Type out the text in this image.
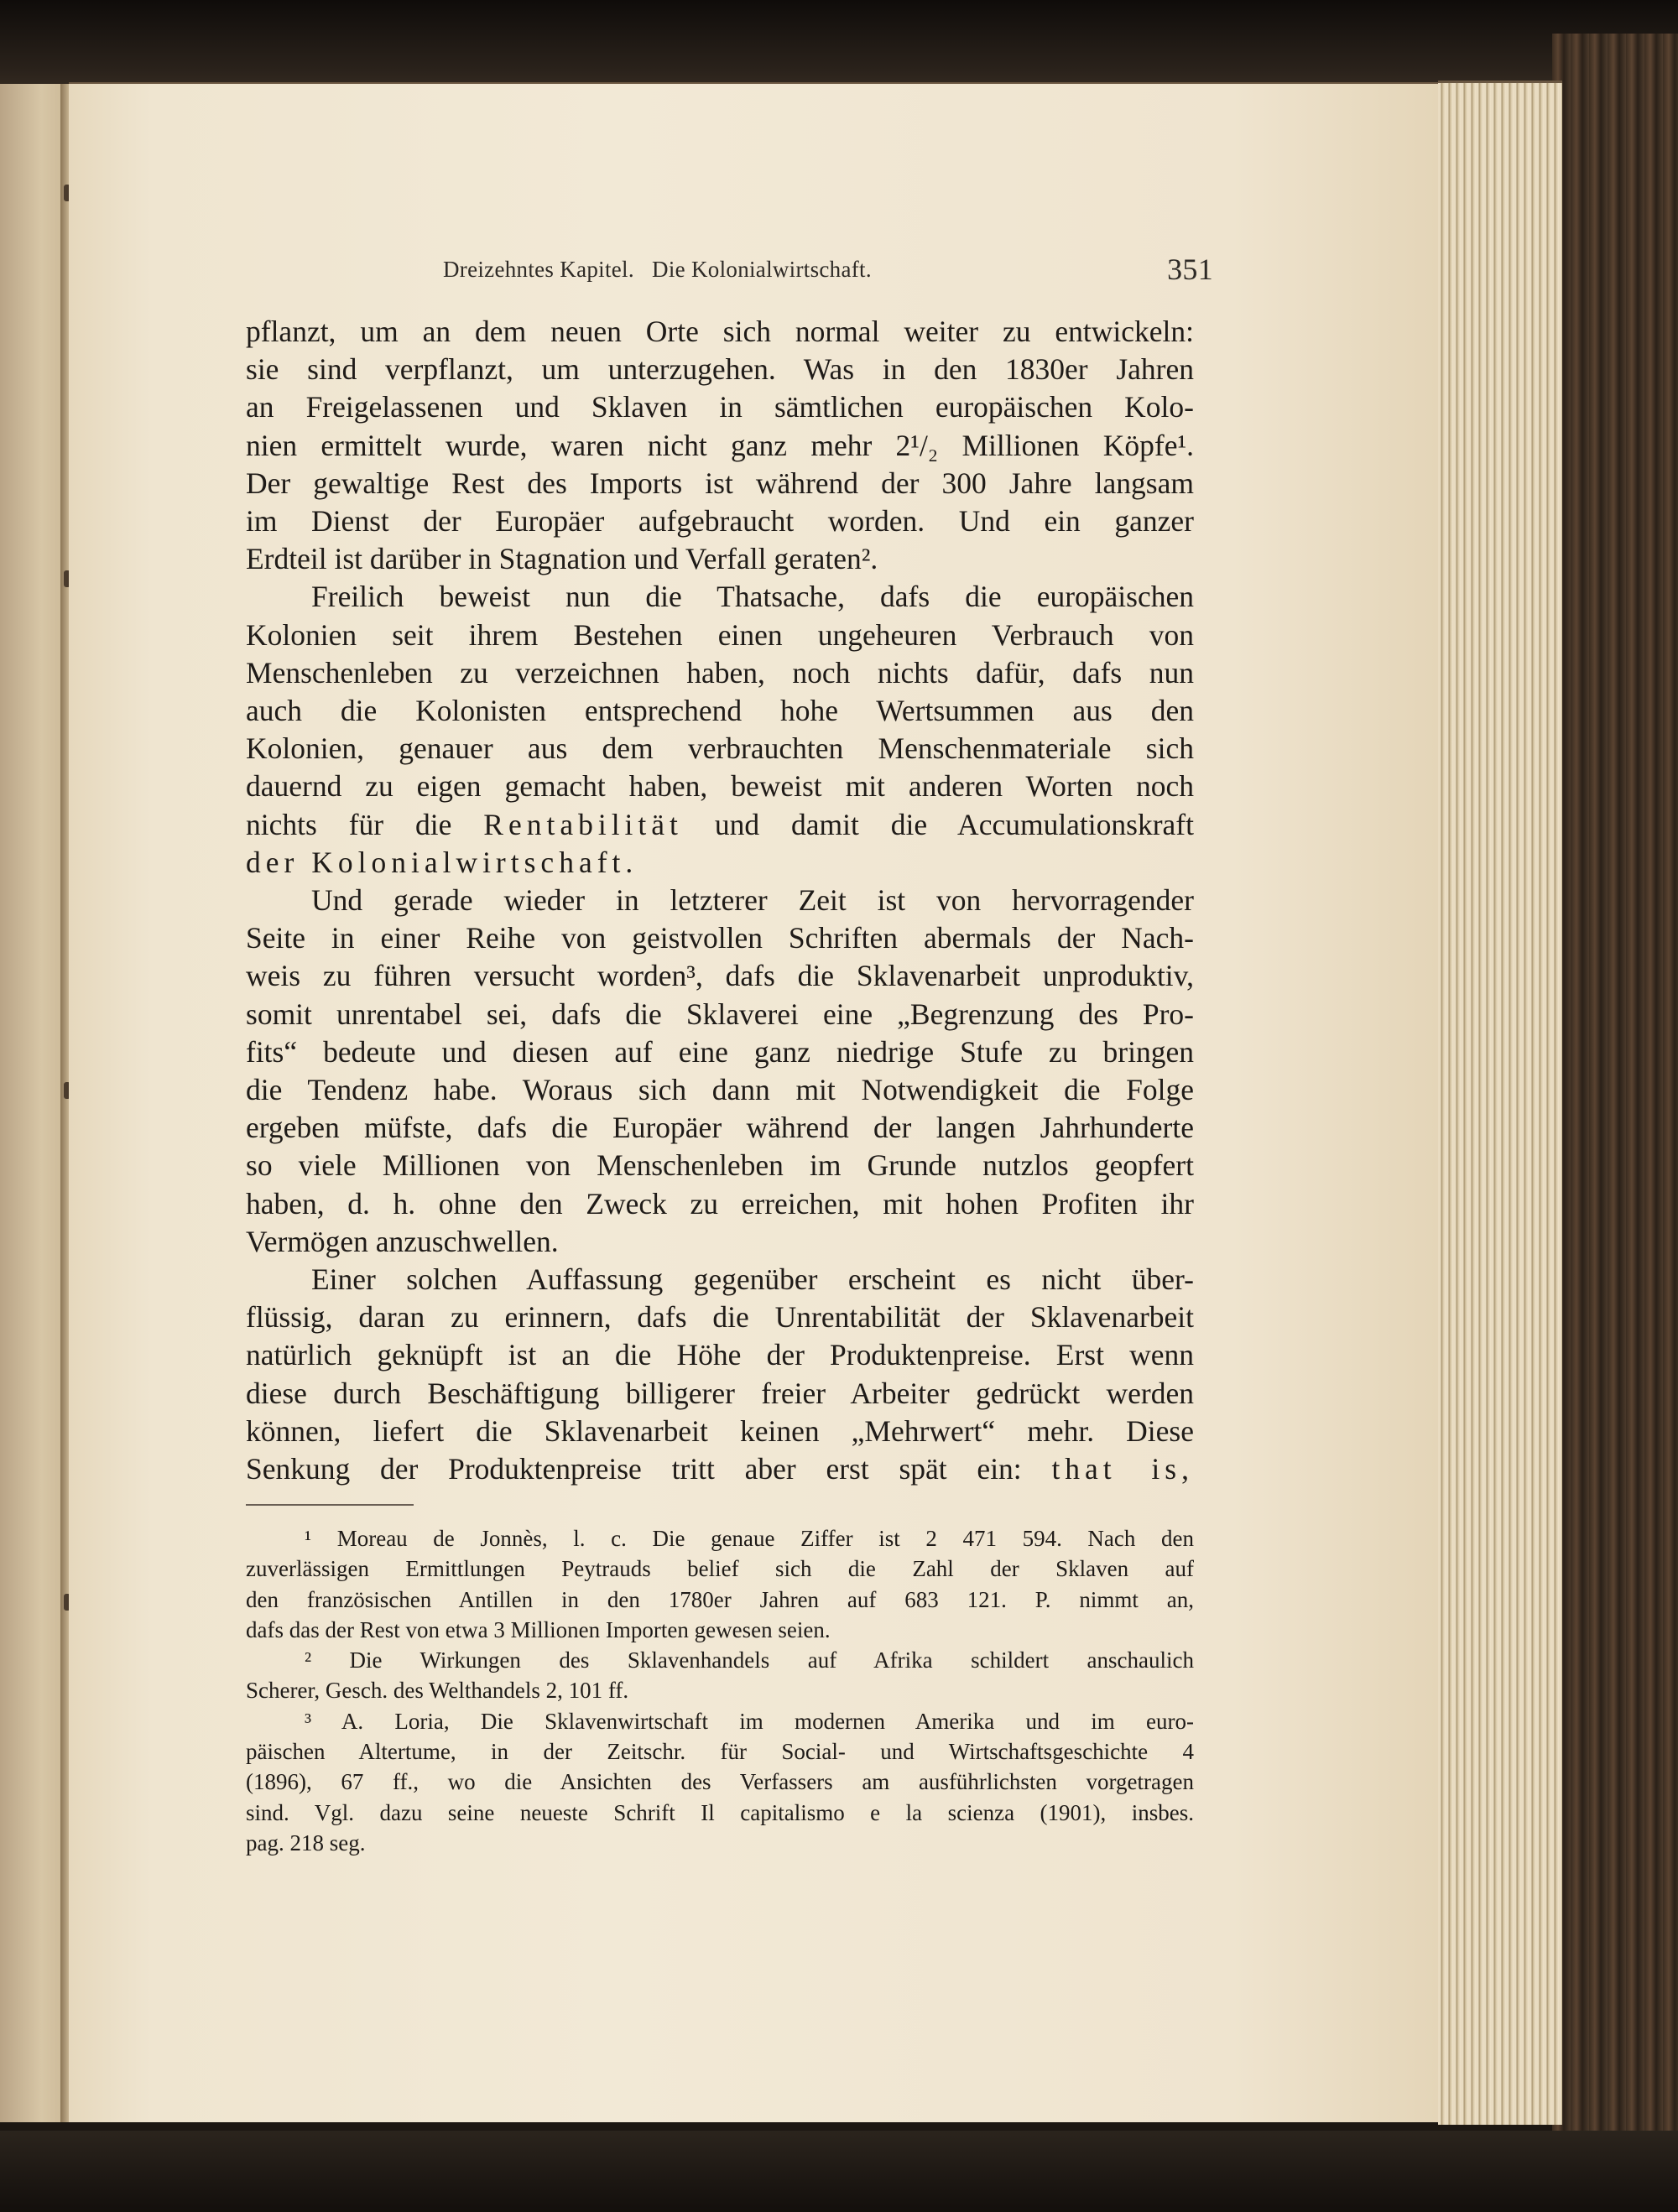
Dreizehntes Kapitel.   Die Kolonialwirtschaft.	351

pflanzt, um an dem neuen Orte sich normal weiter zu entwickeln:

sie sind verpflanzt, um unterzugehen. Was in den 1830er Jahren

an Freigelassenen und Sklaven in sämtlichen europäischen Kolo-

nien ermittelt wurde, waren nicht ganz mehr 2¹/₂ Millionen Köpfe¹.

Der gewaltige Rest des Imports ist während der 300 Jahre langsam

im Dienst der Europäer aufgebraucht worden. Und ein ganzer

Erdteil ist darüber in Stagnation und Verfall geraten².

Freilich beweist nun die Thatsache, dafs die europäischen

Kolonien seit ihrem Bestehen einen ungeheuren Verbrauch von

Menschenleben zu verzeichnen haben, noch nichts dafür, dafs nun

auch die Kolonisten entsprechend hohe Wertsummen aus den

Kolonien, genauer aus dem verbrauchten Menschenmateriale sich

dauernd zu eigen gemacht haben, beweist mit anderen Worten noch

nichts für die Rentabilität und damit die Accumulationskraft

der Kolonialwirtschaft.

Und gerade wieder in letzterer Zeit ist von hervorragender

Seite in einer Reihe von geistvollen Schriften abermals der Nach-

weis zu führen versucht worden³, dafs die Sklavenarbeit unproduktiv,

somit unrentabel sei, dafs die Sklaverei eine „Begrenzung des Pro-

fits“ bedeute und diesen auf eine ganz niedrige Stufe zu bringen

die Tendenz habe. Woraus sich dann mit Notwendigkeit die Folge

ergeben müfste, dafs die Europäer während der langen Jahrhunderte

so viele Millionen von Menschenleben im Grunde nutzlos geopfert

haben, d. h. ohne den Zweck zu erreichen, mit hohen Profiten ihr

Vermögen anzuschwellen.

Einer solchen Auffassung gegenüber erscheint es nicht über-

flüssig, daran zu erinnern, dafs die Unrentabilität der Sklavenarbeit

natürlich geknüpft ist an die Höhe der Produktenpreise. Erst wenn

diese durch Beschäftigung billigerer freier Arbeiter gedrückt werden

können, liefert die Sklavenarbeit keinen „Mehrwert“ mehr. Diese

Senkung der Produktenpreise tritt aber erst spät ein: that is,

¹ Moreau de Jonnès, l. c. Die genaue Ziffer ist 2 471 594. Nach den

zuverlässigen Ermittlungen Peytrauds belief sich die Zahl der Sklaven auf

den französischen Antillen in den 1780er Jahren auf 683 121. P. nimmt an,

dafs das der Rest von etwa 3 Millionen Importen gewesen seien.

² Die Wirkungen des Sklavenhandels auf Afrika schildert anschaulich

Scherer, Gesch. des Welthandels 2, 101 ff.

³ A. Loria, Die Sklavenwirtschaft im modernen Amerika und im euro-

päischen Altertume, in der Zeitschr. für Social- und Wirtschaftsgeschichte 4

(1896), 67 ff., wo die Ansichten des Verfassers am ausführlichsten vorgetragen

sind. Vgl. dazu seine neueste Schrift Il capitalismo e la scienza (1901), insbes.

pag. 218 seg.
